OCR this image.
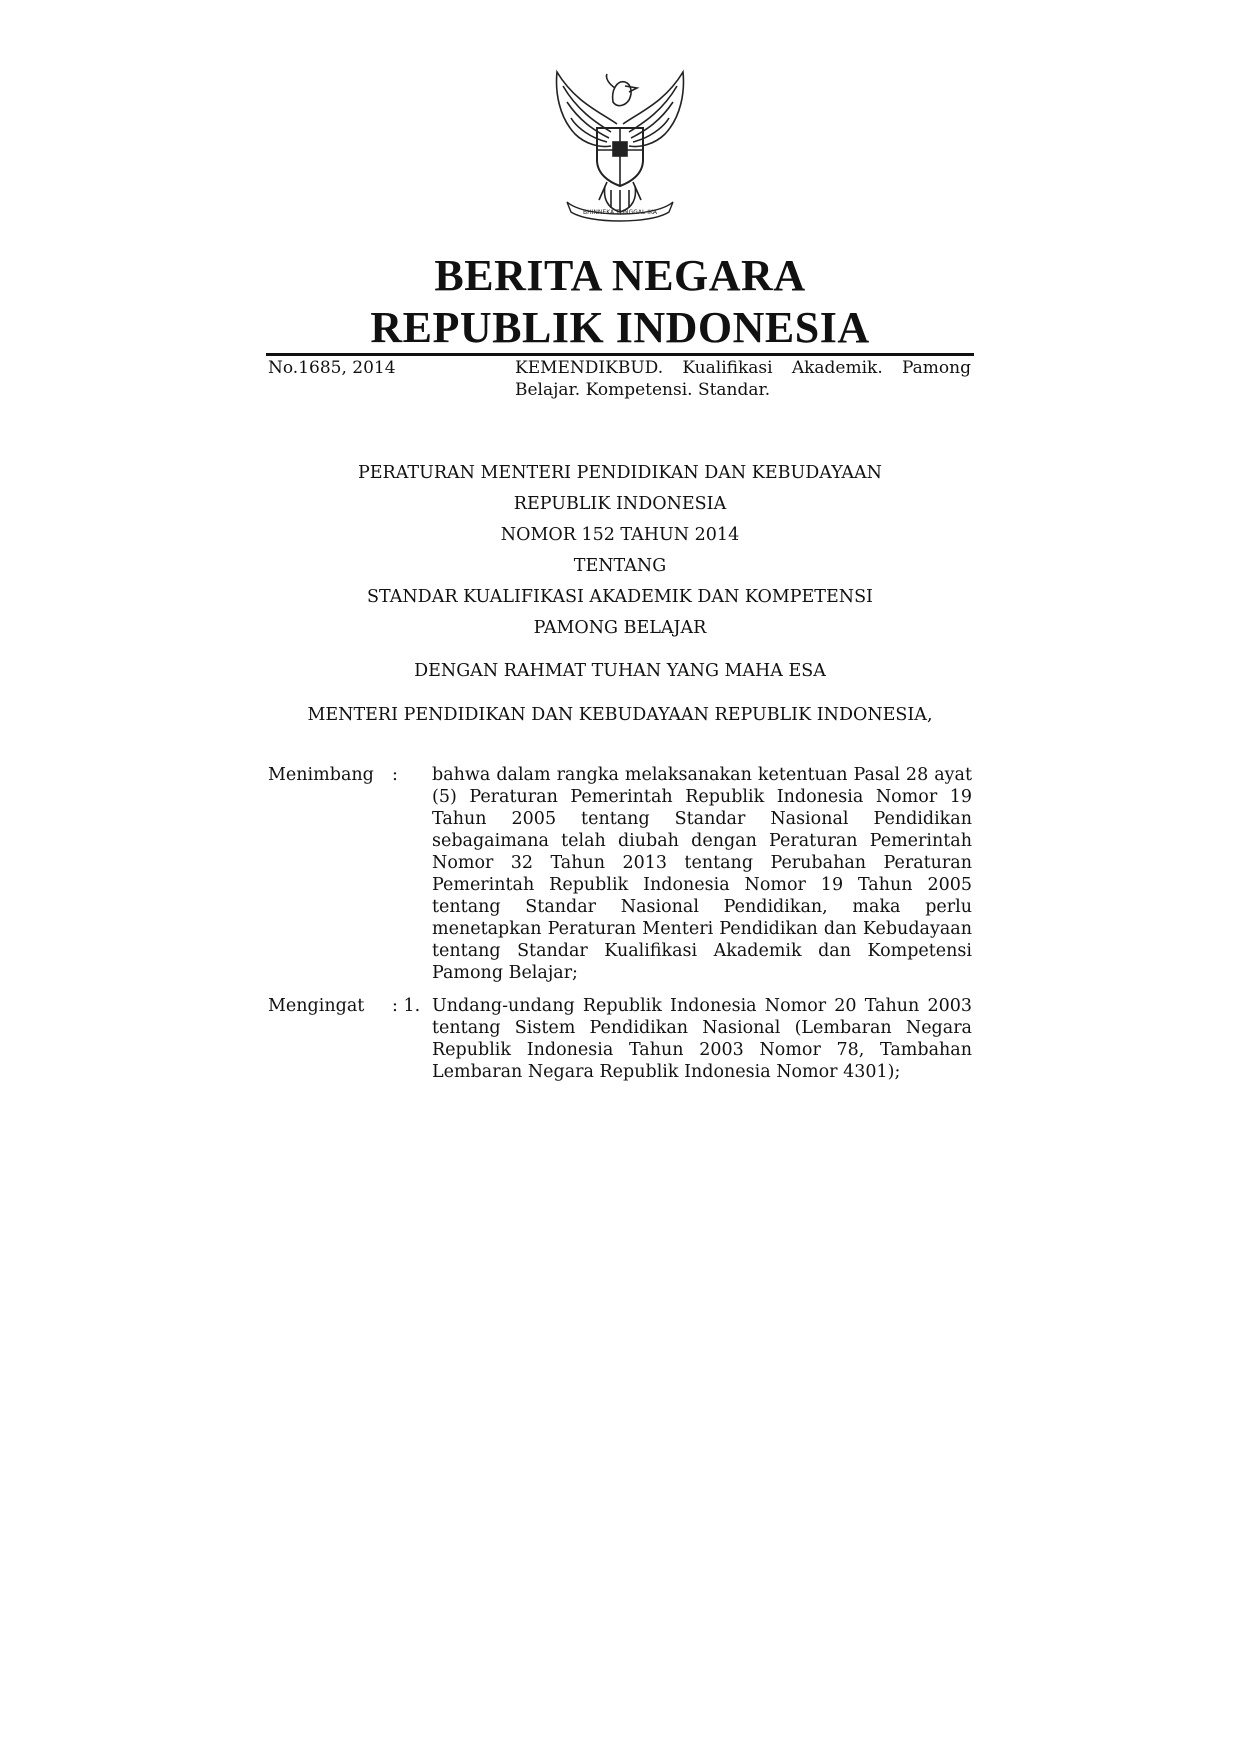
BHINNEKA TUNGGAL IKA
BERITA NEGARA
REPUBLIK INDONESIA
No.1685, 2014	KEMENDIKBUD. Kualifikasi Akademik. Pamong Belajar. Kompetensi. Standar.
PERATURAN MENTERI PENDIDIKAN DAN KEBUDAYAAN
REPUBLIK INDONESIA
NOMOR 152 TAHUN 2014
TENTANG
STANDAR KUALIFIKASI AKADEMIK DAN KOMPETENSI
PAMONG BELAJAR
DENGAN RAHMAT TUHAN YANG MAHA ESA
MENTERI PENDIDIKAN DAN KEBUDAYAAN REPUBLIK INDONESIA,
Menimbang : bahwa dalam rangka melaksanakan ketentuan Pasal 28 ayat (5) Peraturan Pemerintah Republik Indonesia Nomor 19 Tahun 2005 tentang Standar Nasional Pendidikan sebagaimana telah diubah dengan Peraturan Pemerintah Nomor 32 Tahun 2013 tentang Perubahan Peraturan Pemerintah Republik Indonesia Nomor 19 Tahun 2005 tentang Standar Nasional Pendidikan, maka perlu menetapkan Peraturan Menteri Pendidikan dan Kebudayaan tentang Standar Kualifikasi Akademik dan Kompetensi Pamong Belajar;
Mengingat : 1. Undang-undang Republik Indonesia Nomor 20 Tahun 2003 tentang Sistem Pendidikan Nasional (Lembaran Negara Republik Indonesia Tahun 2003 Nomor 78, Tambahan Lembaran Negara Republik Indonesia Nomor 4301);
